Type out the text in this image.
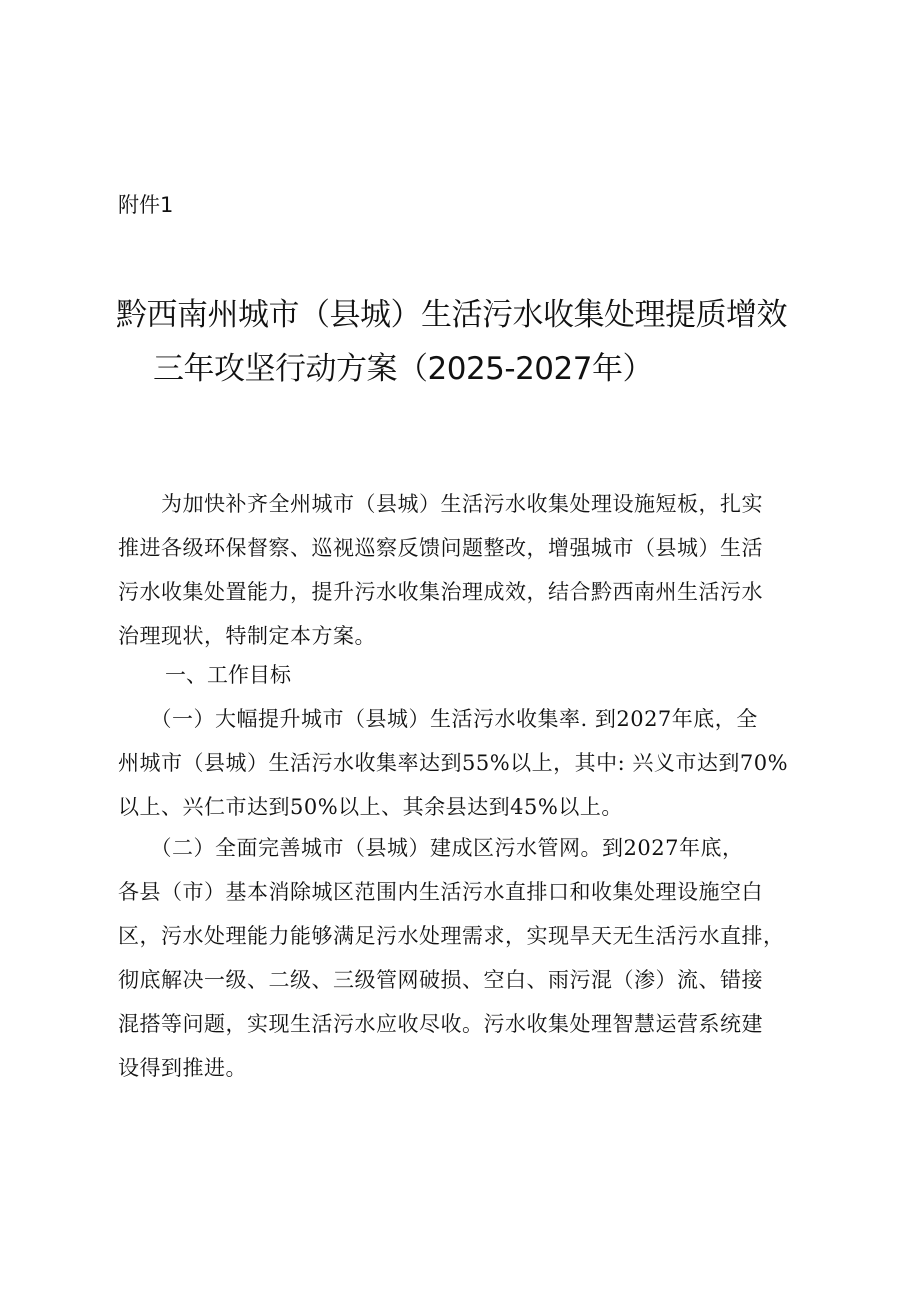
附件1
黔西南州城市（县城）生活污水收集处理提质增效
三年攻坚行动方案（2025-2027年）
　　为加快补齐全州城市（县城）生活污水收集处理设施短板，扎实
推进各级环保督察、巡视巡察反馈问题整改，增强城市（县城）生活
污水收集处置能力，提升污水收集治理成效，结合黔西南州生活污水
治理现状，特制定本方案。
一、工作目标
　　（一）大幅提升城市（县城）生活污水收集率. 到2027年底，全
州城市（县城）生活污水收集率达到55%以上，其中: 兴义市达到70%
以上、兴仁市达到50%以上、其余县达到45%以上。
　　（二）全面完善城市（县城）建成区污水管网。到2027年底，
各县（市）基本消除城区范围内生活污水直排口和收集处理设施空白
区，污水处理能力能够满足污水处理需求，实现旱天无生活污水直排，
彻底解决一级、二级、三级管网破损、空白、雨污混（渗）流、错接
混搭等问题，实现生活污水应收尽收。污水收集处理智慧运营系统建
设得到推进。
